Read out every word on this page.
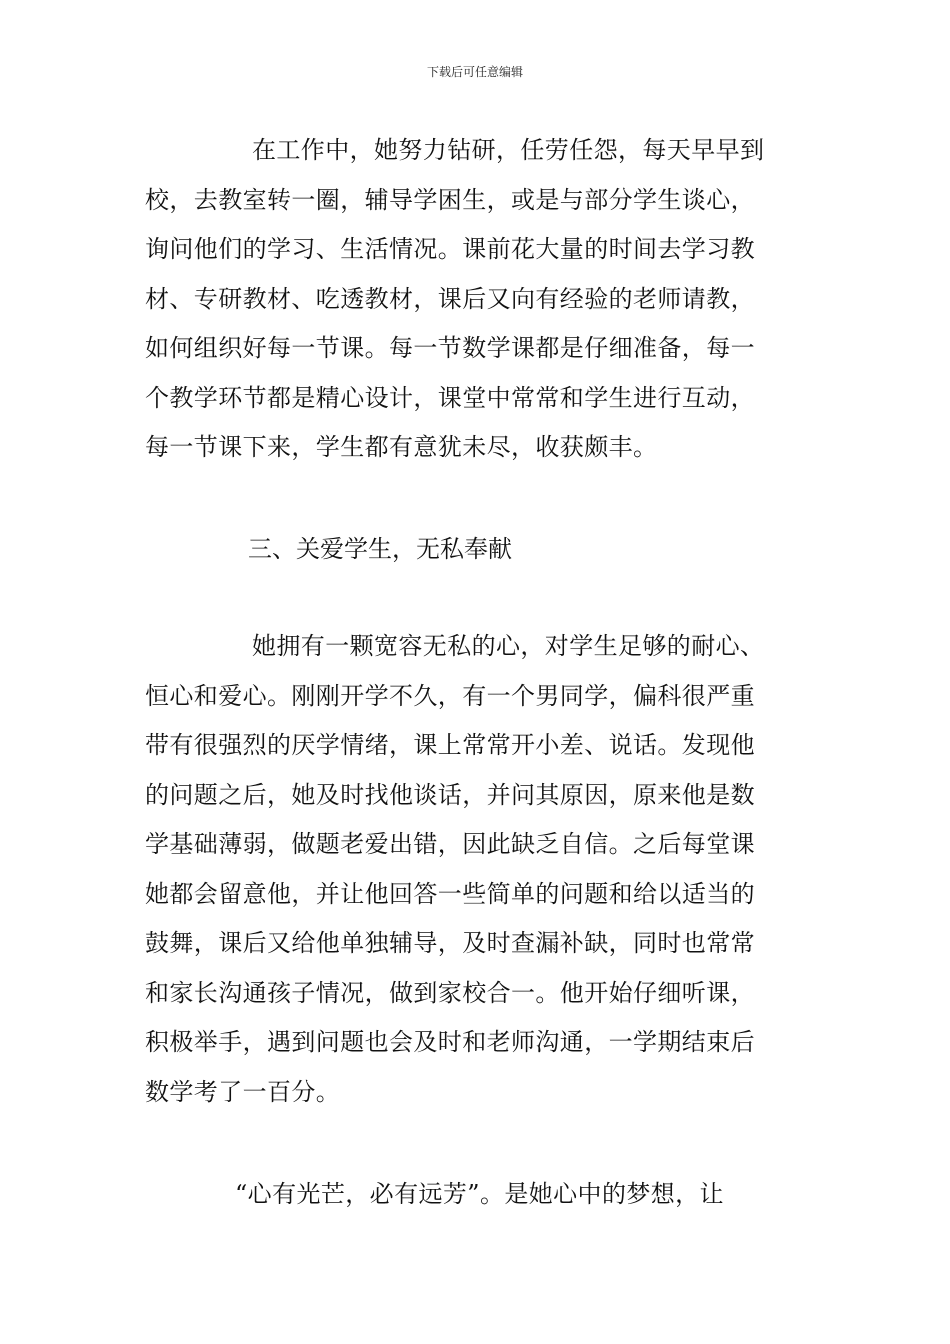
下载后可任意编辑

在工作中，她努力钻研，任劳任怨，每天早早到
校，去教室转一圈，辅导学困生，或是与部分学生谈心，
询问他们的学习、生活情况。课前花大量的时间去学习教
材、专研教材、吃透教材，课后又向有经验的老师请教，
如何组织好每一节课。每一节数学课都是仔细准备，每一
个教学环节都是精心设计，课堂中常常和学生进行互动，
每一节课下来，学生都有意犹未尽，收获颇丰。

三、关爱学生，无私奉献

她拥有一颗宽容无私的心，对学生足够的耐心、
恒心和爱心。刚刚开学不久，有一个男同学，偏科很严重
带有很强烈的厌学情绪，课上常常开小差、说话。发现他
的问题之后，她及时找他谈话，并问其原因，原来他是数
学基础薄弱，做题老爱出错，因此缺乏自信。之后每堂课
她都会留意他，并让他回答一些简单的问题和给以适当的
鼓舞，课后又给他单独辅导，及时查漏补缺，同时也常常
和家长沟通孩子情况，做到家校合一。他开始仔细听课，
积极举手，遇到问题也会及时和老师沟通，一学期结束后
数学考了一百分。

“心有光芒，必有远芳”。是她心中的梦想，让
